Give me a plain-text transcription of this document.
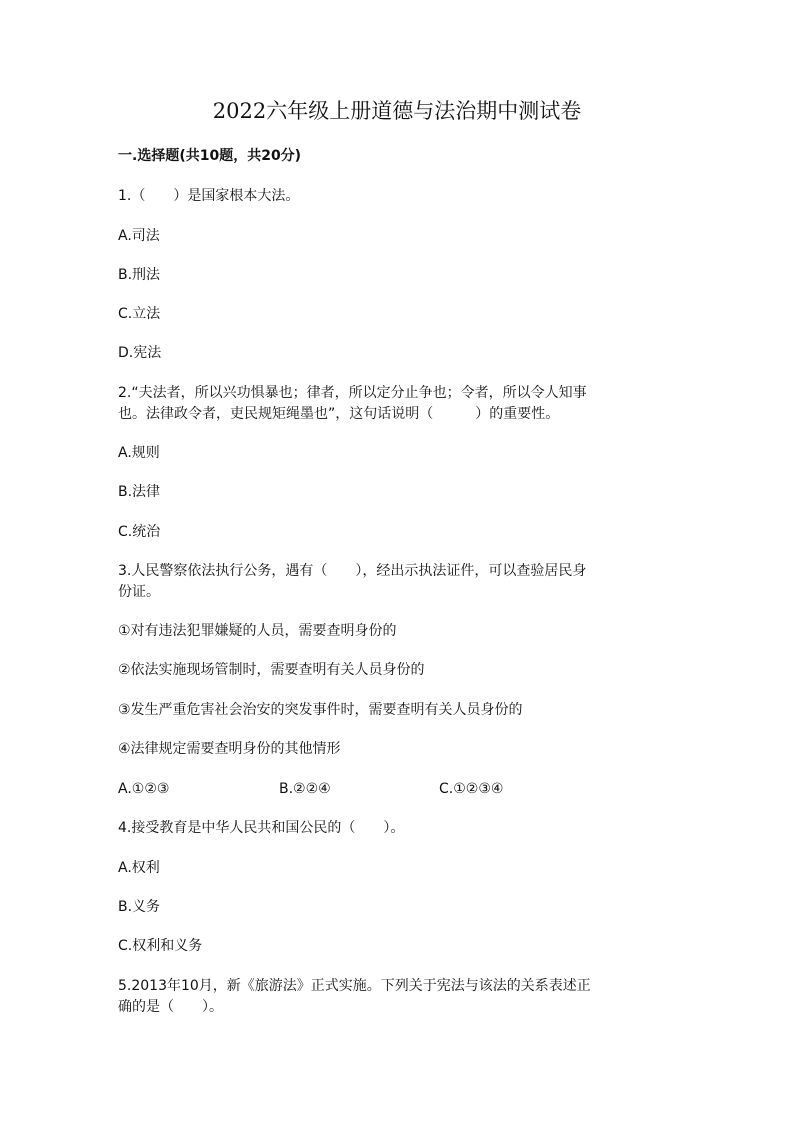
2022六年级上册道德与法治期中测试卷
一.选择题(共10题，共20分)
1.（　　）是国家根本大法。
A.司法
B.刑法
C.立法
D.宪法
2.“夫法者，所以兴功惧暴也；律者，所以定分止争也；令者，所以令人知事
也。法律政令者，吏民规矩绳墨也”，这句话说明（　　　）的重要性。
A.规则
B.法律
C.统治
3.人民警察依法执行公务，遇有（　　），经出示执法证件，可以查验居民身
份证。
①对有违法犯罪嫌疑的人员，需要查明身份的
②依法实施现场管制时，需要查明有关人员身份的
③发生严重危害社会治安的突发事件时，需要查明有关人员身份的
④法律规定需要查明身份的其他情形
A.①②③	B.②②④	C.①②③④
4.接受教育是中华人民共和国公民的（　　）。
A.权利
B.义务
C.权利和义务
5.2013年10月，新《旅游法》正式实施。下列关于宪法与该法的关系表述正
确的是（　　）。
